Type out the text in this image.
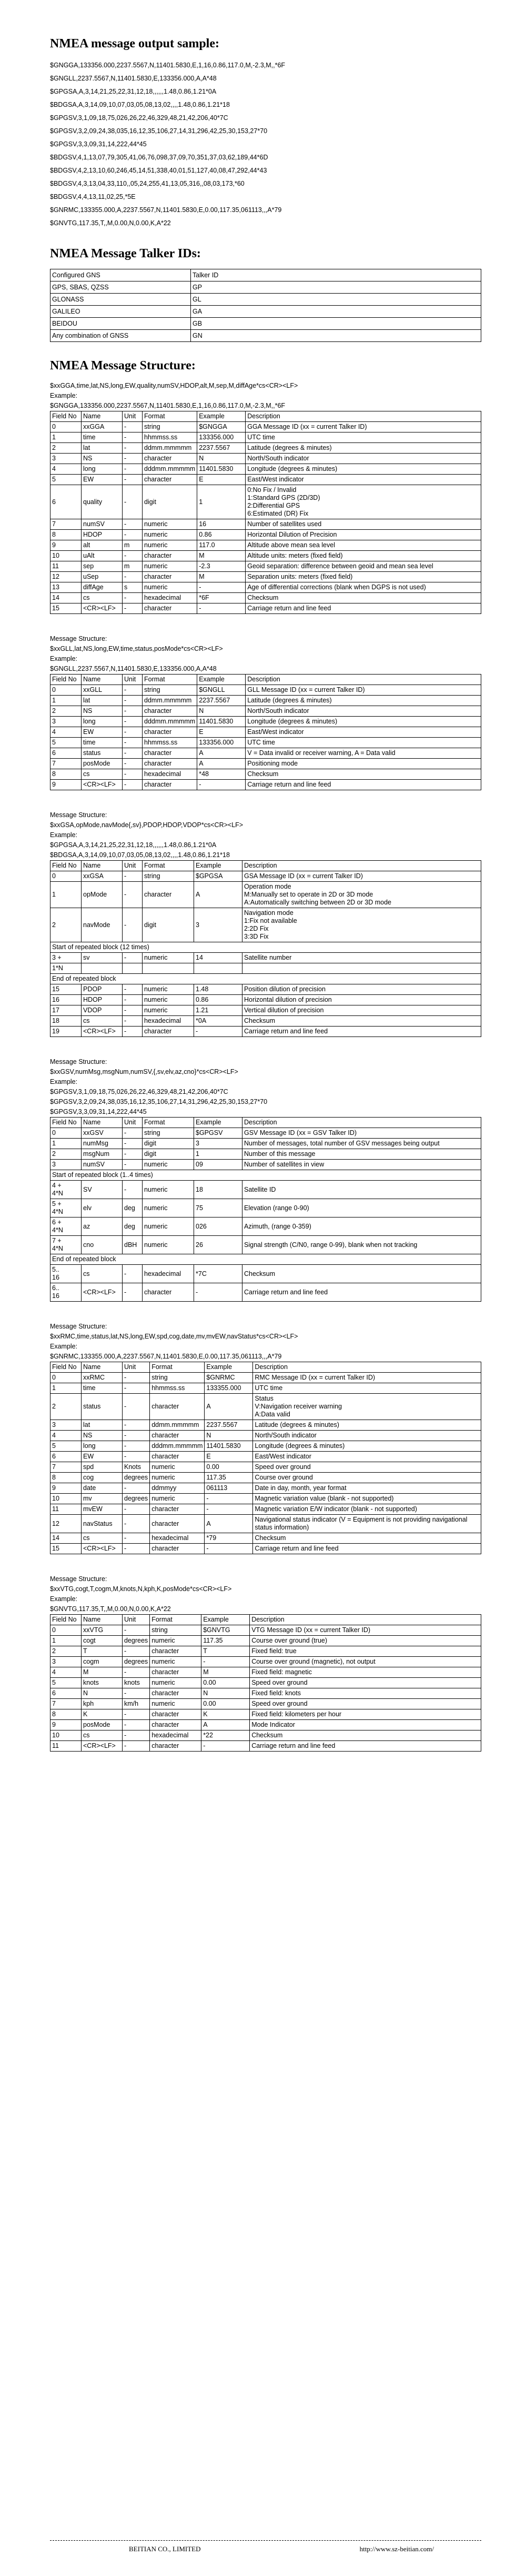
NMEA message output sample:
$GNGGA,133356.000,2237.5567,N,11401.5830,E,1,16,0.86,117.0,M,-2.3,M,,*6F
$GNGLL,2237.5567,N,11401.5830,E,133356.000,A,A*48
$GPGSA,A,3,14,21,25,22,31,12,18,,,,,,1.48,0.86,1.21*0A
$BDGSA,A,3,14,09,10,07,03,05,08,13,02,,,,1.48,0.86,1.21*18
$GPGSV,3,1,09,18,75,026,26,22,46,329,48,21,42,206,40*7C
$GPGSV,3,2,09,24,38,035,16,12,35,106,27,14,31,296,42,25,30,153,27*70
$GPGSV,3,3,09,31,14,222,44*45
$BDGSV,4,1,13,07,79,305,41,06,76,098,37,09,70,351,37,03,62,189,44*6D
$BDGSV,4,2,13,10,60,246,45,14,51,338,40,01,51,127,40,08,47,292,44*43
$BDGSV,4,3,13,04,33,110,,05,24,255,41,13,05,316,,08,03,173,*60
$BDGSV,4,4,13,11,02,25,*5E
$GNRMC,133355.000,A,2237.5567,N,11401.5830,E,0.00,117.35,061113,,,A*79
$GNVTG,117.35,T,,M,0.00,N,0.00,K,A*22
NMEA Message Talker IDs:
Configured GNS	Talker ID
GPS, SBAS, QZSS	GP
GLONASS	GL
GALILEO	GA
BEIDOU	GB
Any combination of GNSS	GN
NMEA Message Structure:
$xxGGA,time,lat,NS,long,EW,quality,numSV,HDOP,alt,M,sep,M,diffAge*cs<CR><LF>
Example:
$GNGGA,133356.000,2237.5567,N,11401.5830,E,1,16,0.86,117.0,M,-2.3,M,,*6F
Field No	Name	Unit	Format	Example	Description
0	xxGGA	-	string	$GNGGA	GGA Message ID (xx = current Talker ID)
1	time	-	hhmmss.ss	133356.000	UTC time
2	lat	-	ddmm.mmmmm	2237.5567	Latitude (degrees & minutes)
3	NS	-	character	N	North/South indicator
4	long	-	dddmm.mmmmm	11401.5830	Longitude (degrees & minutes)
5	EW	-	character	E	East/West indicator
6	quality	-	digit	1	0:No Fix / Invalid
1:Standard GPS (2D/3D)
2:Differential GPS
6:Estimated (DR) Fix
7	numSV	-	numeric	16	Number of satellites used
8	HDOP	-	numeric	0.86	Horizontal Dilution of Precision
9	alt	m	numeric	117.0	Altitude above mean sea level
10	uAlt	-	character	M	Altitude units: meters (fixed field)
11	sep	m	numeric	-2.3	Geoid separation: difference between geoid and mean sea level
12	uSep	-	character	M	Separation units: meters (fixed field)
13	diffAge	s	numeric	-	Age of differential corrections (blank when DGPS is not used)
14	cs	-	hexadecimal	*6F	Checksum
15	<CR><LF>	-	character	-	Carriage return and line feed
Message Structure:
$xxGLL,lat,NS,long,EW,time,status,posMode*cs<CR><LF>
Example:
$GNGLL,2237.5567,N,11401.5830,E,133356.000,A,A*48
Field No	Name	Unit	Format	Example	Description
0	xxGLL	-	string	$GNGLL	GLL Message ID (xx = current Talker ID)
1	lat	-	ddmm.mmmmm	2237.5567	Latitude (degrees & minutes)
2	NS	-	character	N	North/South indicator
3	long	-	dddmm.mmmmm	11401.5830	Longitude (degrees & minutes)
4	EW	-	character	E	East/West indicator
5	time	-	hhmmss.ss	133356.000	UTC time
6	status	-	character	A	V = Data invalid or receiver warning, A = Data valid
7	posMode	-	character	A	Positioning mode
8	cs	-	hexadecimal	*48	Checksum
9	<CR><LF>	-	character	-	Carriage return and line feed
Message Structure:
$xxGSA,opMode,navMode{,sv},PDOP,HDOP,VDOP*cs<CR><LF>
Example:
$GPGSA,A,3,14,21,25,22,31,12,18,,,,,,1.48,0.86,1.21*0A
$BDGSA,A,3,14,09,10,07,03,05,08,13,02,,,,1.48,0.86,1.21*18
Field No	Name	Unit	Format	Example	Description
0	xxGSA	-	string	$GPGSA	GSA Message ID (xx = current Talker ID)
1	opMode	-	character	A	Operation mode
M:Manually set to operate in 2D or 3D mode
A:Automatically switching between 2D or 3D mode
2	navMode	-	digit	3	Navigation mode
1:Fix not available
2:2D Fix
3:3D Fix
Start of repeated block (12 times)					
3 +	sv	-	numeric	14	Satellite number
1*N					
End of repeated block					
15	PDOP	-	numeric	1.48	Position dilution of precision
16	HDOP	-	numeric	0.86	Horizontal dilution of precision
17	VDOP	-	numeric	1.21	Vertical dilution of precision
18	cs	-	hexadecimal	*0A	Checksum
19	<CR><LF>	-	character	-	Carriage return and line feed
Message Structure:
$xxGSV,numMsg,msgNum,numSV,{,sv,elv,az,cno}*cs<CR><LF>
Example:
$GPGSV,3,1,09,18,75,026,26,22,46,329,48,21,42,206,40*7C
$GPGSV,3,2,09,24,38,035,16,12,35,106,27,14,31,296,42,25,30,153,27*70
$GPGSV,3,3,09,31,14,222,44*45
Field No	Name	Unit	Format	Example	Description
0	xxGSV	-	string	$GPGSV	GSV Message ID (xx = GSV Talker ID)
1	numMsg	-	digit	3	Number of messages, total number of GSV messages being output
2	msgNum	-	digit	1	Number of this message
3	numSV	-	numeric	09	Number of satellites in view
Start of repeated block (1..4 times)					
4 +
4*N	SV	-	numeric	18	Satellite ID
5 +
4*N	elv	deg	numeric	75	Elevation (range 0-90)
6 +
4*N	az	deg	numeric	026	Azimuth, (range 0-359)
7 +
4*N	cno	dBH	numeric	26	Signal strength (C/N0, range 0-99), blank when not tracking
End of repeated block					
5..
16	cs	-	hexadecimal	*7C	Checksum
6..
16	<CR><LF>	-	character	-	Carriage return and line feed
Message Structure:
$xxRMC,time,status,lat,NS,long,EW,spd,cog,date,mv,mvEW,navStatus*cs<CR><LF>
Example:
$GNRMC,133355.000,A,2237.5567,N,11401.5830,E,0.00,117.35,061113,,,A*79
Field No	Name	Unit	Format	Example	Description
0	xxRMC	-	string	$GNRMC	RMC Message ID (xx = current Talker ID)
1	time	-	hhmmss.ss	133355.000	UTC time
2	status	-	character	A	Status
V:Navigation receiver warning
A:Data valid
3	lat	-	ddmm.mmmmm	2237.5567	Latitude (degrees & minutes)
4	NS	-	character	N	North/South indicator
5	long	-	dddmm.mmmmm	11401.5830	Longitude (degrees & minutes)
6	EW	-	character	E	East/West indicator
7	spd	Knots	numeric	0.00	Speed over ground
8	cog	degrees	numeric	117.35	Course over ground
9	date	-	ddmmyy	061113	Date in day, month, year format
10	mv	degrees	numeric	-	Magnetic variation value (blank - not supported)
11	mvEW	-	character	-	Magnetic variation E/W indicator (blank - not supported)
12	navStatus	-	character	A	Navigational status indicator (V = Equipment is not providing navigational status information)
14	cs	-	hexadecimal	*79	Checksum
15	<CR><LF>	-	character	-	Carriage return and line feed
Message Structure:
$xxVTG,cogt,T,cogm,M,knots,N,kph,K,posMode*cs<CR><LF>
Example:
$GNVTG,117.35,T,,M,0.00,N,0.00,K,A*22
Field No	Name	Unit	Format	Example	Description
0	xxVTG	-	string	$GNVTG	VTG Message ID (xx = current Talker ID)
1	cogt	degrees	numeric	117.35	Course over ground (true)
2	T	-	character	T	Fixed field: true
3	cogm	degrees	numeric	-	Course over ground (magnetic), not output
4	M	-	character	M	Fixed field: magnetic
5	knots	knots	numeric	0.00	Speed over ground
6	N	-	character	N	Fixed field: knots
7	kph	km/h	numeric	0.00	Speed over ground
8	K	-	character	K	Fixed field: kilometers per hour
9	posMode	-	character	A	Mode Indicator
10	cs	-	hexadecimal	*22	Checksum
11	<CR><LF>	-	character	-	Carriage return and line feed
BEITIAN CO., LIMITED	http://www.sz-beitian.com/
